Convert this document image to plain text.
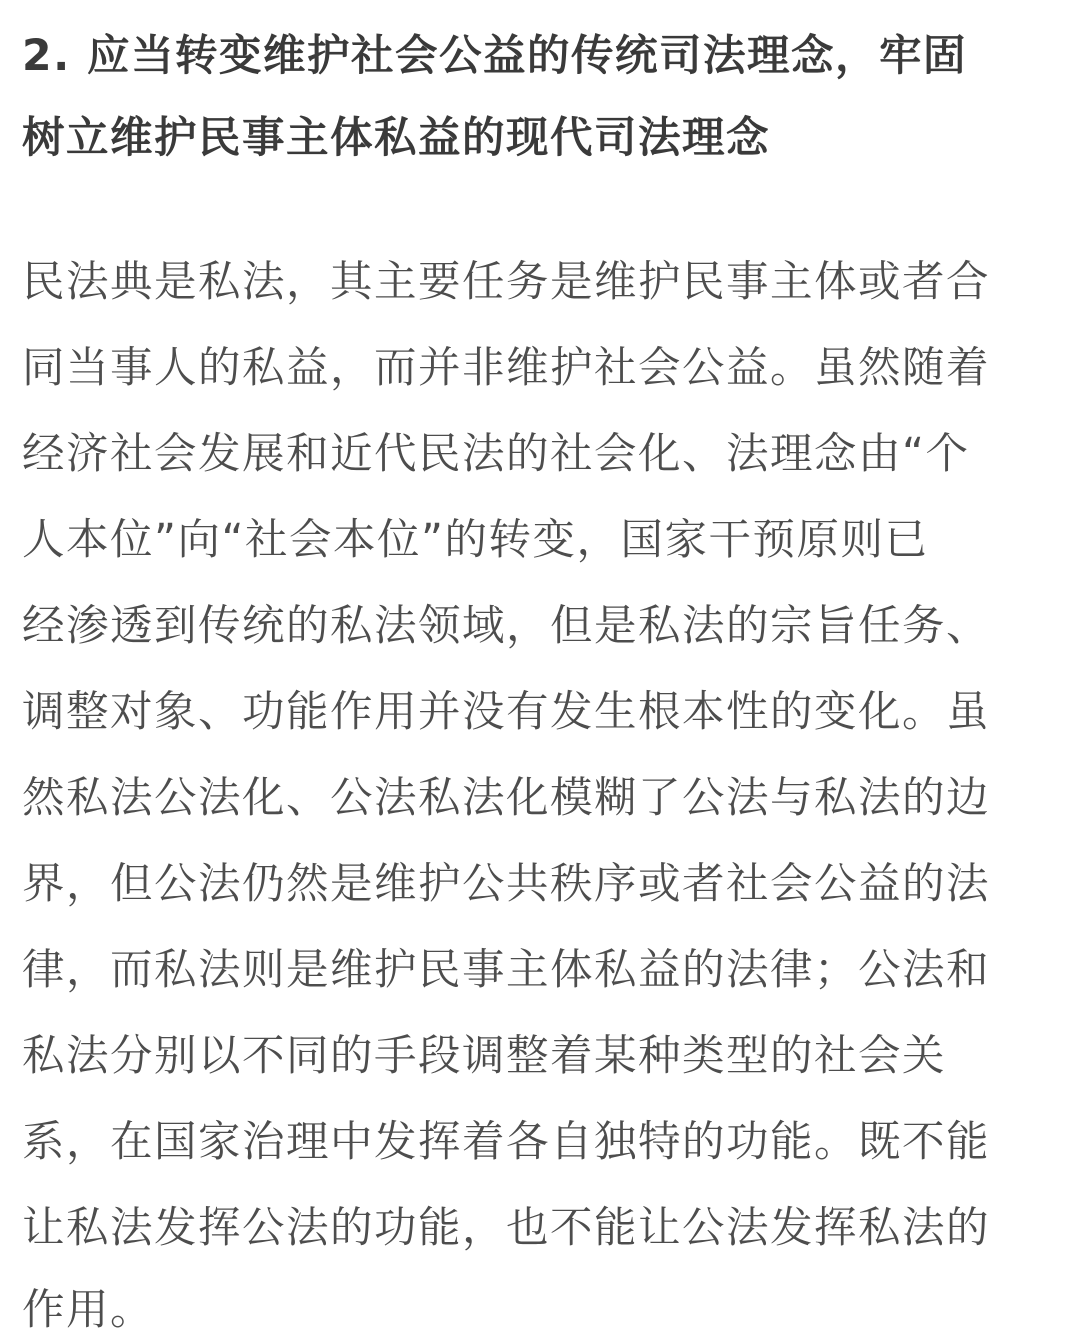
2. 应当转变维护社会公益的传统司法理念，牢固
树立维护民事主体私益的现代司法理念
民法典是私法，其主要任务是维护民事主体或者合
同当事人的私益，而并非维护社会公益。虽然随着
经济社会发展和近代民法的社会化、法理念由“个
人本位”向“社会本位”的转变，国家干预原则已
经渗透到传统的私法领域，但是私法的宗旨任务、
调整对象、功能作用并没有发生根本性的变化。虽
然私法公法化、公法私法化模糊了公法与私法的边
界，但公法仍然是维护公共秩序或者社会公益的法
律，而私法则是维护民事主体私益的法律；公法和
私法分别以不同的手段调整着某种类型的社会关
系，在国家治理中发挥着各自独特的功能。既不能
让私法发挥公法的功能，也不能让公法发挥私法的
作用。
